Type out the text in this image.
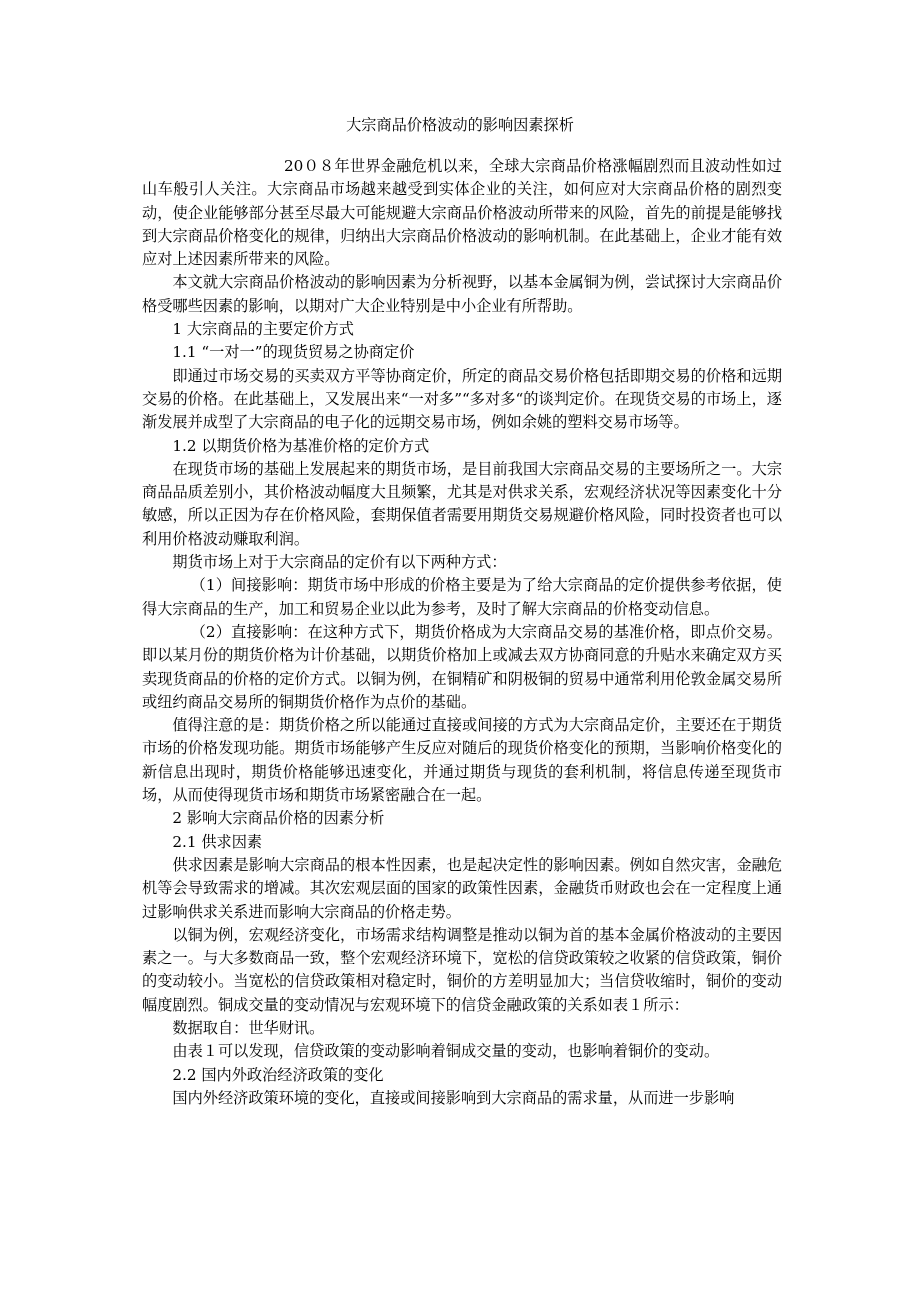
大宗商品价格波动的影响因素探析

20０８年世界金融危机以来，全球大宗商品价格涨幅剧烈而且波动性如过山车般引人关注。大宗商品市场越来越受到实体企业的关注，如何应对大宗商品价格的剧烈变动，使企业能够部分甚至尽最大可能规避大宗商品价格波动所带来的风险，首先的前提是能够找到大宗商品价格变化的规律，归纳出大宗商品价格波动的影响机制。在此基础上，企业才能有效应对上述因素所带来的风险。

本文就大宗商品价格波动的影响因素为分析视野，以基本金属铜为例，尝试探讨大宗商品价格受哪些因素的影响，以期对广大企业特别是中小企业有所帮助。

1 大宗商品的主要定价方式

1.1 “一对一”的现货贸易之协商定价

即通过市场交易的买卖双方平等协商定价，所定的商品交易价格包括即期交易的价格和远期交易的价格。在此基础上，又发展出来“一对多”“多对多“的谈判定价。在现货交易的市场上，逐渐发展并成型了大宗商品的电子化的远期交易市场，例如余姚的塑料交易市场等。

1.2 以期货价格为基准价格的定价方式

在现货市场的基础上发展起来的期货市场，是目前我国大宗商品交易的主要场所之一。大宗商品品质差别小，其价格波动幅度大且频繁，尤其是对供求关系，宏观经济状况等因素变化十分敏感，所以正因为存在价格风险，套期保值者需要用期货交易规避价格风险，同时投资者也可以利用价格波动赚取利润。

期货市场上对于大宗商品的定价有以下两种方式：

（1）间接影响：期货市场中形成的价格主要是为了给大宗商品的定价提供参考依据，使得大宗商品的生产，加工和贸易企业以此为参考，及时了解大宗商品的价格变动信息。

（2）直接影响：在这种方式下，期货价格成为大宗商品交易的基准价格，即点价交易。即以某月份的期货价格为计价基础，以期货价格加上或减去双方协商同意的升贴水来确定双方买卖现货商品的价格的定价方式。以铜为例，在铜精矿和阴极铜的贸易中通常利用伦敦金属交易所或纽约商品交易所的铜期货价格作为点价的基础。

值得注意的是：期货价格之所以能通过直接或间接的方式为大宗商品定价，主要还在于期货市场的价格发现功能。期货市场能够产生反应对随后的现货价格变化的预期，当影响价格变化的新信息出现时，期货价格能够迅速变化，并通过期货与现货的套利机制，将信息传递至现货市场，从而使得现货市场和期货市场紧密融合在一起。

2 影响大宗商品价格的因素分析

2.1 供求因素

供求因素是影响大宗商品的根本性因素，也是起决定性的影响因素。例如自然灾害，金融危机等会导致需求的增减。其次宏观层面的国家的政策性因素，金融货币财政也会在一定程度上通过影响供求关系进而影响大宗商品的价格走势。

以铜为例，宏观经济变化，市场需求结构调整是推动以铜为首的基本金属价格波动的主要因素之一。与大多数商品一致，整个宏观经济环境下，宽松的信贷政策较之收紧的信贷政策，铜价的变动较小。当宽松的信贷政策相对稳定时，铜价的方差明显加大；当信贷收缩时，铜价的变动幅度剧烈。铜成交量的变动情况与宏观环境下的信贷金融政策的关系如表１所示：

数据取自：世华财讯。

由表１可以发现，信贷政策的变动影响着铜成交量的变动，也影响着铜价的变动。

2.2 国内外政治经济政策的变化

国内外经济政策环境的变化，直接或间接影响到大宗商品的需求量，从而进一步影响
